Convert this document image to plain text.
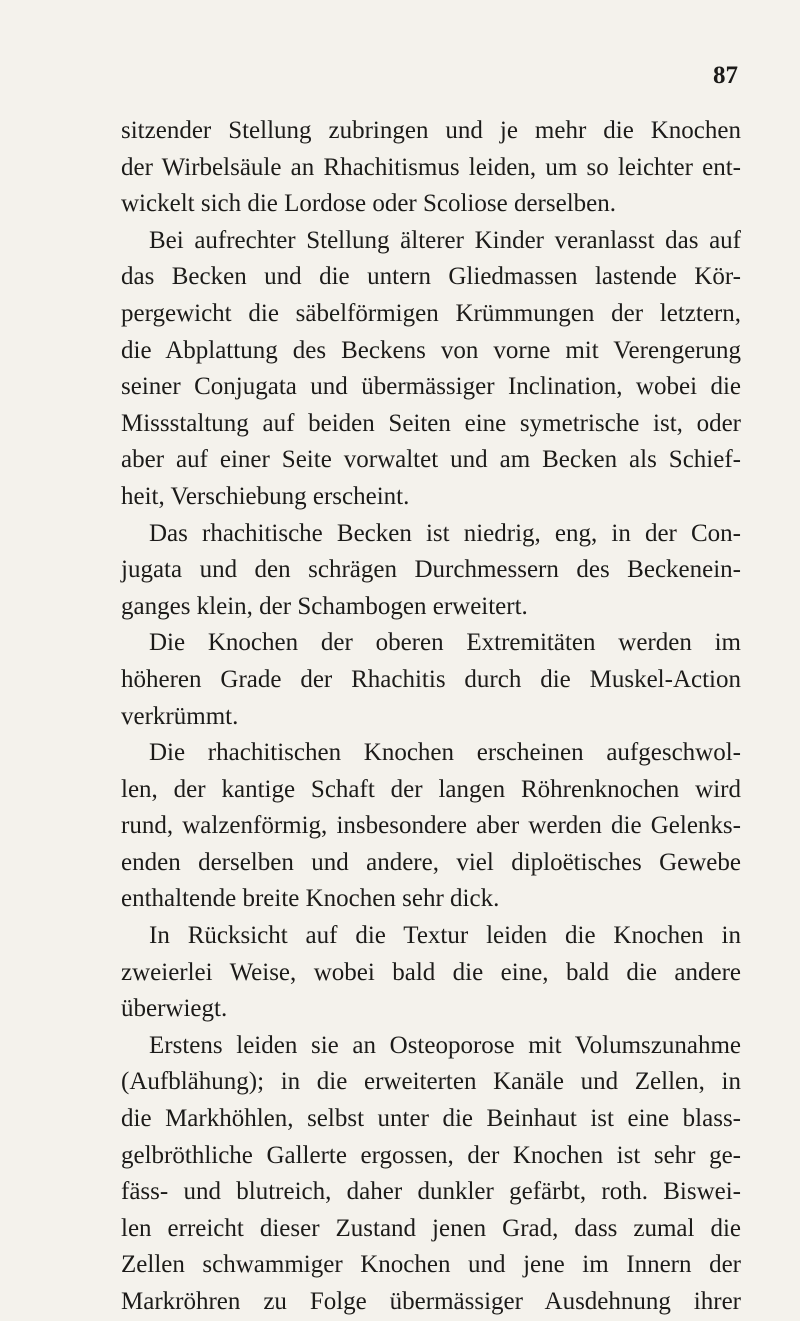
87
sitzender Stellung zubringen und je mehr die Knochen
der Wirbelsäule an Rhachitismus leiden, um so leichter ent-
wickelt sich die Lordose oder Scoliose derselben.
Bei aufrechter Stellung älterer Kinder veranlasst das auf
das Becken und die untern Gliedmassen lastende Kör-
pergewicht die säbelförmigen Krümmungen der letztern,
die Abplattung des Beckens von vorne mit Verengerung
seiner Conjugata und übermässiger Inclination, wobei die
Missstaltung auf beiden Seiten eine symetrische ist, oder
aber auf einer Seite vorwaltet und am Becken als Schief-
heit, Verschiebung erscheint.
Das rhachitische Becken ist niedrig, eng, in der Con-
jugata und den schrägen Durchmessern des Beckenein-
ganges klein, der Schambogen erweitert.
Die Knochen der oberen Extremitäten werden im
höheren Grade der Rhachitis durch die Muskel-Action
verkrümmt.
Die rhachitischen Knochen erscheinen aufgeschwol-
len, der kantige Schaft der langen Röhrenknochen wird
rund, walzenförmig, insbesondere aber werden die Gelenks-
enden derselben und andere, viel diploëtisches Gewebe
enthaltende breite Knochen sehr dick.
In Rücksicht auf die Textur leiden die Knochen in
zweierlei Weise, wobei bald die eine, bald die andere
überwiegt.
Erstens leiden sie an Osteoporose mit Volumszunahme
(Aufblähung); in die erweiterten Kanäle und Zellen, in
die Markhöhlen, selbst unter die Beinhaut ist eine blass-
gelbröthliche Gallerte ergossen, der Knochen ist sehr ge-
fäss- und blutreich, daher dunkler gefärbt, roth. Biswei-
len erreicht dieser Zustand jenen Grad, dass zumal die
Zellen schwammiger Knochen und jene im Innern der
Markröhren zu Folge übermässiger Ausdehnung ihrer
